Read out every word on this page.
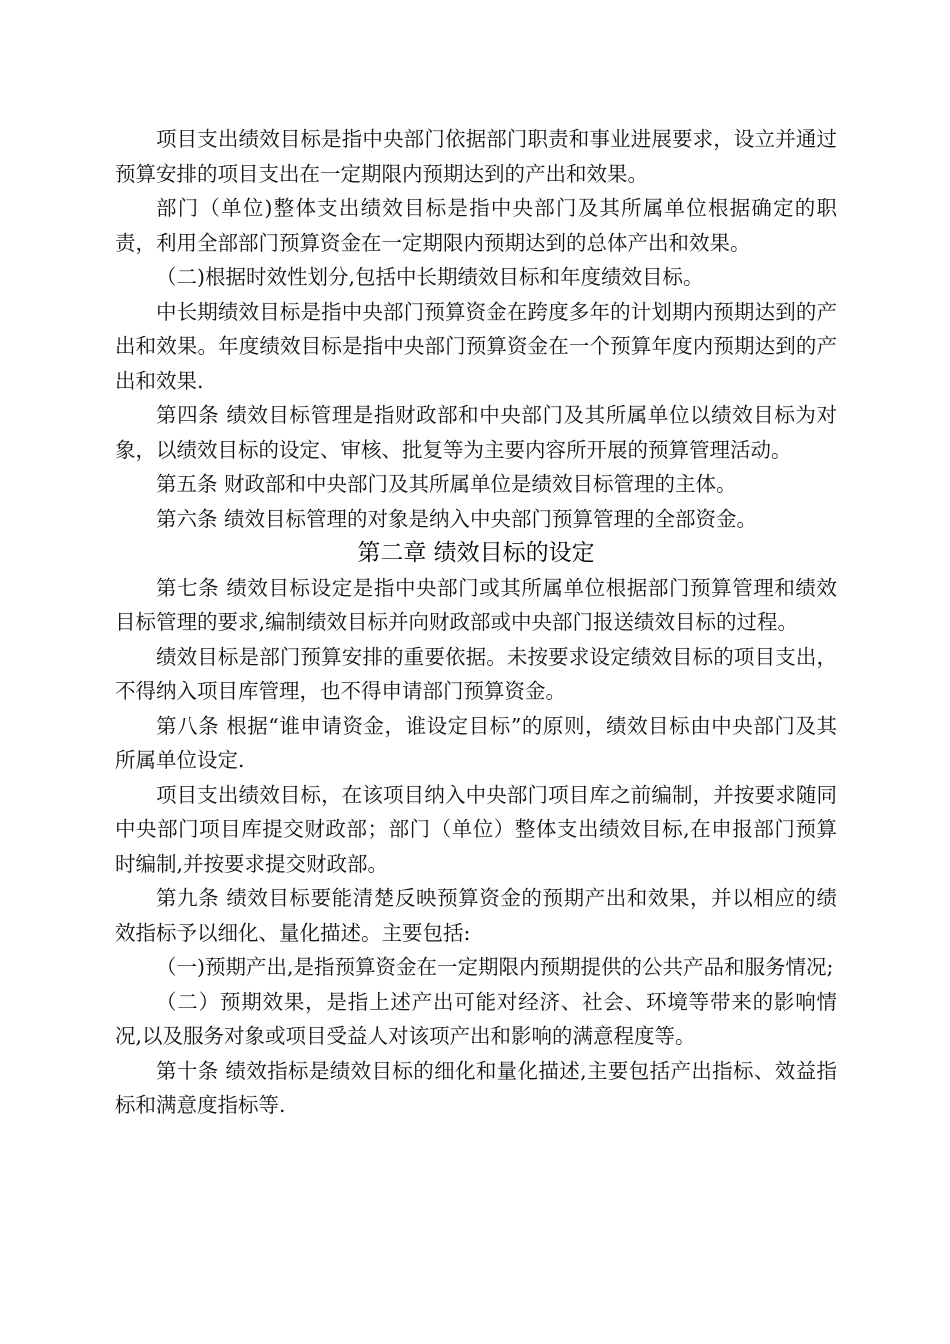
项目支出绩效目标是指中央部门依据部门职责和事业进展要求，设立并通过预算安排的项目支出在一定期限内预期达到的产出和效果。

部门（单位)整体支出绩效目标是指中央部门及其所属单位根据确定的职责，利用全部部门预算资金在一定期限内预期达到的总体产出和效果。

（二)根据时效性划分,包括中长期绩效目标和年度绩效目标。

中长期绩效目标是指中央部门预算资金在跨度多年的计划期内预期达到的产出和效果。年度绩效目标是指中央部门预算资金在一个预算年度内预期达到的产出和效果.

第四条 绩效目标管理是指财政部和中央部门及其所属单位以绩效目标为对象，以绩效目标的设定、审核、批复等为主要内容所开展的预算管理活动。

第五条 财政部和中央部门及其所属单位是绩效目标管理的主体。

第六条 绩效目标管理的对象是纳入中央部门预算管理的全部资金。

第二章 绩效目标的设定

第七条 绩效目标设定是指中央部门或其所属单位根据部门预算管理和绩效目标管理的要求,编制绩效目标并向财政部或中央部门报送绩效目标的过程。

绩效目标是部门预算安排的重要依据。未按要求设定绩效目标的项目支出，不得纳入项目库管理，也不得申请部门预算资金。

第八条 根据“谁申请资金，谁设定目标”的原则，绩效目标由中央部门及其所属单位设定.

项目支出绩效目标，在该项目纳入中央部门项目库之前编制，并按要求随同中央部门项目库提交财政部；部门（单位）整体支出绩效目标,在申报部门预算时编制,并按要求提交财政部。

第九条 绩效目标要能清楚反映预算资金的预期产出和效果，并以相应的绩效指标予以细化、量化描述。主要包括:

（一)预期产出,是指预算资金在一定期限内预期提供的公共产品和服务情况;

（二）预期效果，是指上述产出可能对经济、社会、环境等带来的影响情况,以及服务对象或项目受益人对该项产出和影响的满意程度等。

第十条 绩效指标是绩效目标的细化和量化描述,主要包括产出指标、效益指标和满意度指标等.
